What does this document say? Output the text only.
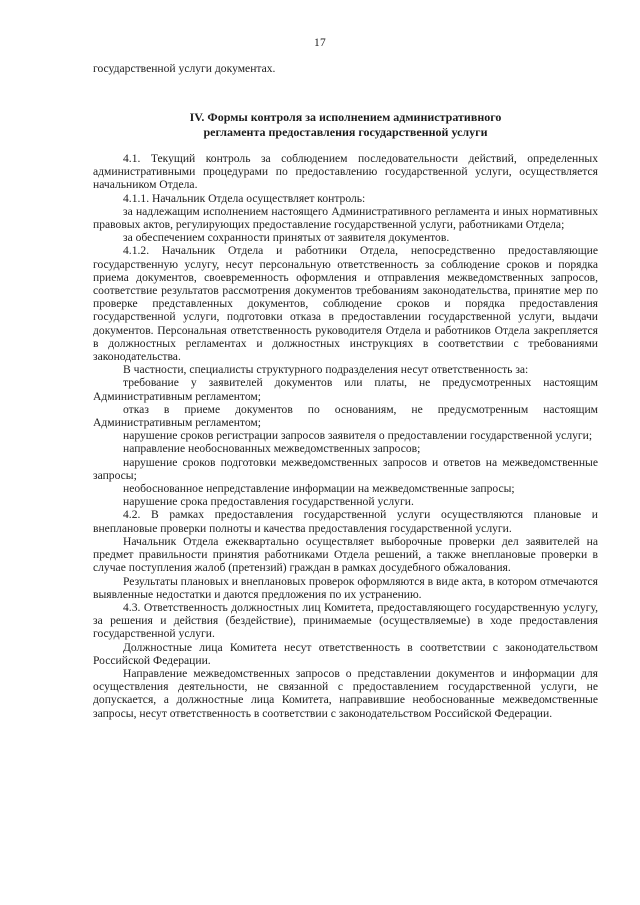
17
государственной услуги документах.
IV. Формы контроля за исполнением административного
регламента предоставления государственной услуги

4.1. Текущий контроль за соблюдением последовательности действий, определенных административными процедурами по предоставлению государственной услуги, осуществляется начальником Отдела.

4.1.1. Начальник Отдела осуществляет контроль:

за надлежащим исполнением настоящего Административного регламента и иных нормативных правовых актов, регулирующих предоставление государственной услуги, работниками Отдела;

за обеспечением сохранности принятых от заявителя документов.

4.1.2. Начальник Отдела и работники Отдела, непосредственно предоставляющие государственную услугу, несут персональную ответственность за соблюдение сроков и порядка приема документов, своевременность оформления и отправления межведомственных запросов, соответствие результатов рассмотрения документов требованиям законодательства, принятие мер по проверке представленных документов, соблюдение сроков и порядка предоставления государственной услуги, подготовки отказа в предоставлении государственной услуги, выдачи документов. Персональная ответственность руководителя Отдела и работников Отдела закрепляется в должностных регламентах и должностных инструкциях в соответствии с требованиями законодательства.

В частности, специалисты структурного подразделения несут ответственность за:

требование у заявителей документов или платы, не предусмотренных настоящим Административным регламентом;

отказ в приеме документов по основаниям, не предусмотренным настоящим Административным регламентом;

нарушение сроков регистрации запросов заявителя о предоставлении государственной услуги;

направление необоснованных межведомственных запросов;

нарушение сроков подготовки межведомственных запросов и ответов на межведомственные запросы;

необоснованное непредставление информации на межведомственные запросы;

нарушение срока предоставления государственной услуги.

4.2. В рамках предоставления государственной услуги осуществляются плановые и внеплановые проверки полноты и качества предоставления государственной услуги.

Начальник Отдела ежеквартально осуществляет выборочные проверки дел заявителей на предмет правильности принятия работниками Отдела решений, а также внеплановые проверки в случае поступления жалоб (претензий) граждан в рамках досудебного обжалования.

Результаты плановых и внеплановых проверок оформляются в виде акта, в котором отмечаются выявленные недостатки и даются предложения по их устранению.

4.3. Ответственность должностных лиц Комитета, предоставляющего государственную услугу, за решения и действия (бездействие), принимаемые (осуществляемые) в ходе предоставления государственной услуги.

Должностные лица Комитета несут ответственность в соответствии с законодательством Российской Федерации.

Направление межведомственных запросов о представлении документов и информации для осуществления деятельности, не связанной с предоставлением государственной услуги, не допускается, а должностные лица Комитета, направившие необоснованные межведомственные запросы, несут ответственность в соответствии с законодательством Российской Федерации.
